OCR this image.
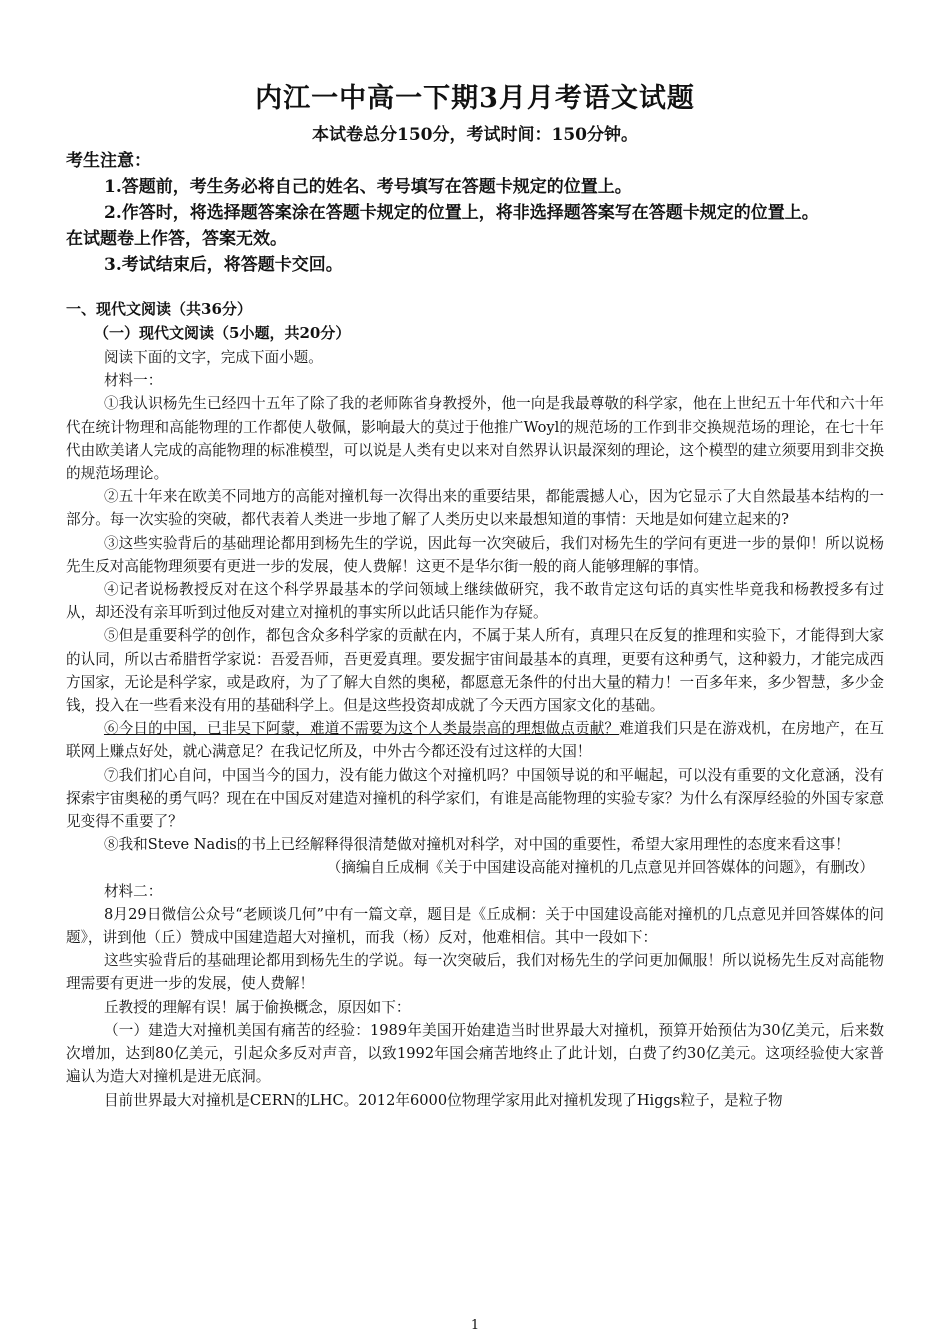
内江一中高一下期3月月考语文试题
本试卷总分150分，考试时间：150分钟。
考生注意：
1.答题前，考生务必将自己的姓名、考号填写在答题卡规定的位置上。
2.作答时，将选择题答案涂在答题卡规定的位置上，将非选择题答案写在答题卡规定的位置上。
在试题卷上作答，答案无效。
3.考试结束后，将答题卡交回。
一、现代文阅读（共36分）
（一）现代文阅读（5小题，共20分）

阅读下面的文字，完成下面小题。

材料一：

①我认识杨先生已经四十五年了除了我的老师陈省身教授外，他一向是我最尊敬的科学家，他在上世纪五十年代和六十年代在统计物理和高能物理的工作都使人敬佩，影响最大的莫过于他推广Woyl的规范场的工作到非交换规范场的理论，在七十年代由欧美诸人完成的高能物理的标准模型，可以说是人类有史以来对自然界认识最深刻的理论，这个模型的建立须要用到非交换的规范场理论。

②五十年来在欧美不同地方的高能对撞机每一次得出来的重要结果，都能震撼人心，因为它显示了大自然最基本结构的一部分。每一次实验的突破，都代表着人类进一步地了解了人类历史以来最想知道的事情：天地是如何建立起来的?

③这些实验背后的基础理论都用到杨先生的学说，因此每一次突破后，我们对杨先生的学问有更进一步的景仰！所以说杨先生反对高能物理须要有更进一步的发展，使人费解！这更不是华尔街一般的商人能够理解的事情。

④记者说杨教授反对在这个科学界最基本的学问领域上继续做研究，我不敢肯定这句话的真实性毕竟我和杨教授多有过从，却还没有亲耳听到过他反对建立对撞机的事实所以此话只能作为存疑。

⑤但是重要科学的创作，都包含众多科学家的贡献在内，不属于某人所有，真理只在反复的推理和实验下，才能得到大家的认同，所以古希腊哲学家说：吾爱吾师，吾更爱真理。要发掘宇宙间最基本的真理，更要有这种勇气，这种毅力，才能完成西方国家，无论是科学家，或是政府，为了了解大自然的奥秘，都愿意无条件的付出大量的精力！一百多年来，多少智慧，多少金钱，投入在一些看来没有用的基础科学上。但是这些投资却成就了今天西方国家文化的基础。

⑥今日的中国，已非吴下阿蒙，难道不需要为这个人类最崇高的理想做点贡献？难道我们只是在游戏机，在房地产，在互联网上赚点好处，就心满意足？在我记忆所及，中外古今都还没有过这样的大国！

⑦我们扪心自问，中国当今的国力，没有能力做这个对撞机吗？中国领导说的和平崛起，可以没有重要的文化意涵，没有探索宇宙奥秘的勇气吗？现在在中国反对建造对撞机的科学家们，有谁是高能物理的实验专家？为什么有深厚经验的外国专家意见变得不重要了？

⑧我和Steve Nadis的书上已经解释得很清楚做对撞机对科学，对中国的重要性，希望大家用理性的态度来看这事！

（摘编自丘成桐《关于中国建设高能对撞机的几点意见并回答媒体的问题》，有删改）

材料二：

8月29日微信公众号“老顾谈几何”中有一篇文章，题目是《丘成桐：关于中国建设高能对撞机的几点意见并回答媒体的问题》，讲到他（丘）赞成中国建造超大对撞机，而我（杨）反对，他难相信。其中一段如下：

这些实验背后的基础理论都用到杨先生的学说。每一次突破后，我们对杨先生的学问更加佩服！所以说杨先生反对高能物理需要有更进一步的发展，使人费解！

丘教授的理解有误！属于偷换概念，原因如下：

（一）建造大对撞机美国有痛苦的经验：1989年美国开始建造当时世界最大对撞机，预算开始预估为30亿美元，后来数次增加，达到80亿美元，引起众多反对声音，以致1992年国会痛苦地终止了此计划，白费了约30亿美元。这项经验使大家普遍认为造大对撞机是进无底洞。

目前世界最大对撞机是CERN的LHC。2012年6000位物理学家用此对撞机发现了Higgs粒子，是粒子物

1
